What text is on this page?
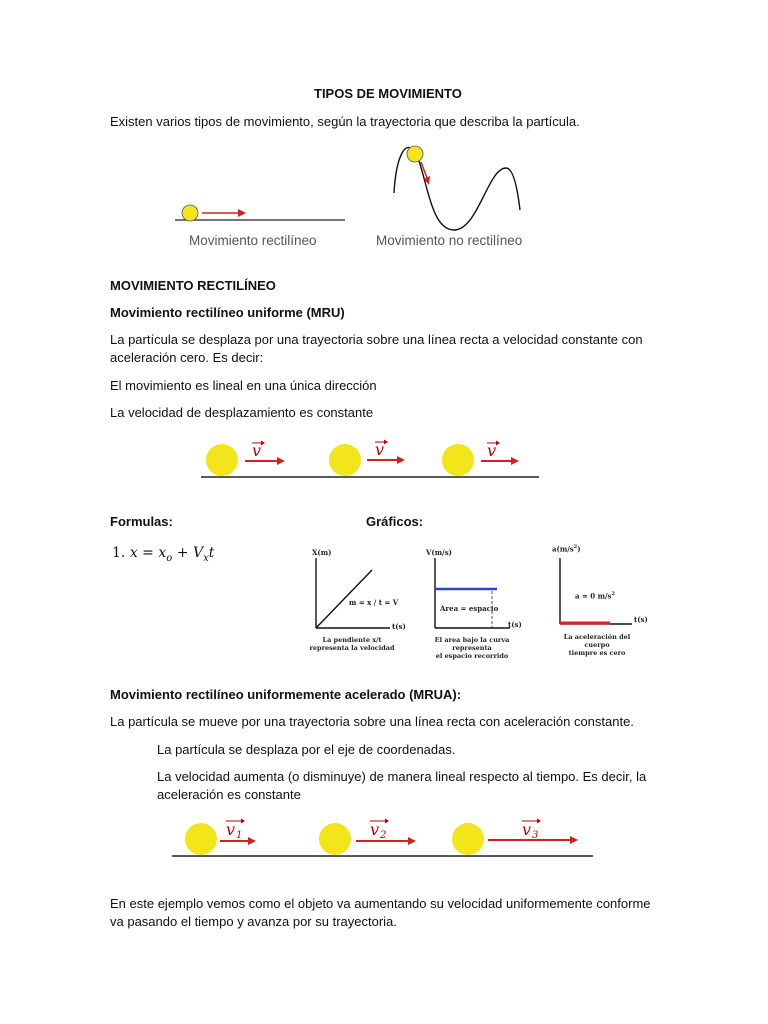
TIPOS DE MOVIMIENTO
Existen varios tipos de movimiento, según la trayectoria que describa la partícula.
Movimiento rectilíneo	Movimiento no rectilíneo
MOVIMIENTO RECTILÍNEO
Movimiento rectilíneo uniforme (MRU)
La partícula se desplaza por una trayectoria sobre una línea recta a velocidad constante con
aceleración cero. Es decir:
El movimiento es lineal en una única dirección
La velocidad de desplazamiento es constante
v	v	v
Formulas:	Gráficos:
1. $x = x_o + V_xt$	X(m)
m = x / t = V
t(s)
La pendiente x/t
representa la velocidad
V(m/s)
Area = espacio
t(s)
El area bajo la curva representa
el espacio recorrido
$a(m/s^2)$
a = 0 $m/s^2$
t(s)
La aceleración del cuerpo
tiempre es cero
Movimiento rectilíneo uniformemente acelerado (MRUA):
La partícula se mueve por una trayectoria sobre una línea recta con aceleración constante.
La partícula se desplaza por el eje de coordenadas.
La velocidad aumenta (o disminuye) de manera lineal respecto al tiempo. Es decir, la
aceleración es constante
v 1	v 2	v 3
En este ejemplo vemos como el objeto va aumentando su velocidad uniformemente conforme
va pasando el tiempo y avanza por su trayectoria.
